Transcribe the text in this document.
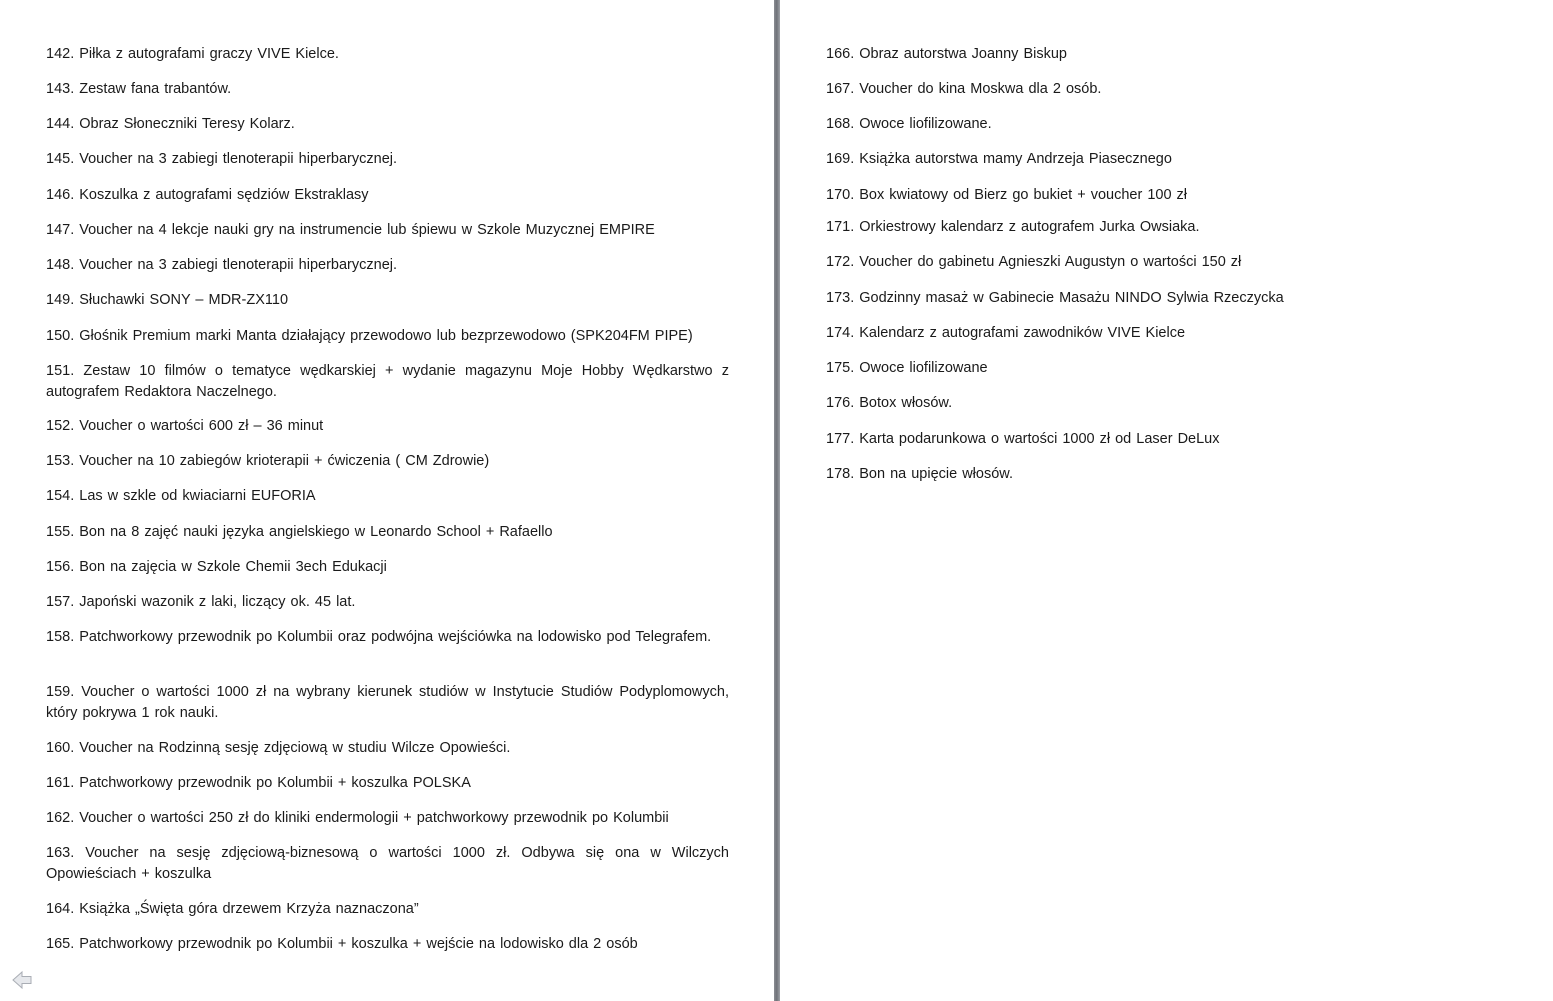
142. Piłka z autografami graczy VIVE Kielce.
143. Zestaw fana trabantów.
144. Obraz Słoneczniki Teresy Kolarz.
145. Voucher na 3 zabiegi tlenoterapii hiperbarycznej.
146. Koszulka z autografami sędziów Ekstraklasy
147. Voucher na 4 lekcje nauki gry na instrumencie lub śpiewu w Szkole Muzycznej EMPIRE
148. Voucher na 3 zabiegi tlenoterapii hiperbarycznej.
149. Słuchawki SONY – MDR-ZX110
150. Głośnik Premium marki Manta działający przewodowo lub bezprzewodowo (SPK204FM PIPE)
151. Zestaw 10 filmów o tematyce wędkarskiej + wydanie magazynu Moje Hobby Wędkarstwo z autografem Redaktora Naczelnego.
152. Voucher o wartości 600 zł – 36 minut
153. Voucher na 10 zabiegów krioterapii + ćwiczenia ( CM Zdrowie)
154. Las w szkle od kwiaciarni EUFORIA
155. Bon na 8 zajęć nauki języka angielskiego w Leonardo School + Rafaello
156. Bon na zajęcia w Szkole Chemii 3ech Edukacji
157. Japoński wazonik z laki, liczący ok. 45 lat.
158. Patchworkowy przewodnik po Kolumbii oraz podwójna wejściówka na lodowisko pod Telegrafem.
159. Voucher o wartości 1000 zł na wybrany kierunek studiów w Instytucie Studiów Podyplomowych, który pokrywa 1 rok nauki.
160. Voucher na Rodzinną sesję zdjęciową w studiu Wilcze Opowieści.
161. Patchworkowy przewodnik po Kolumbii + koszulka POLSKA
162. Voucher o wartości 250 zł do kliniki endermologii + patchworkowy przewodnik po Kolumbii
163. Voucher na sesję zdjęciową-biznesową o wartości 1000 zł. Odbywa się ona w Wilczych Opowieściach + koszulka
164. Książka „Święta góra drzewem Krzyża naznaczona”
165. Patchworkowy przewodnik po Kolumbii + koszulka + wejście na lodowisko dla 2 osób
166. Obraz autorstwa Joanny Biskup
167. Voucher do kina Moskwa dla 2 osób.
168. Owoce liofilizowane.
169. Książka autorstwa mamy Andrzeja Piasecznego
170. Box kwiatowy od Bierz go bukiet + voucher 100 zł
171. Orkiestrowy kalendarz z autografem Jurka Owsiaka.
172. Voucher do gabinetu Agnieszki Augustyn o wartości 150 zł
173. Godzinny masaż w Gabinecie Masażu NINDO Sylwia Rzeczycka
174. Kalendarz z autografami zawodników VIVE Kielce
175. Owoce liofilizowane
176. Botox włosów.
177. Karta podarunkowa o wartości 1000 zł od Laser DeLux
178. Bon na upięcie włosów.
